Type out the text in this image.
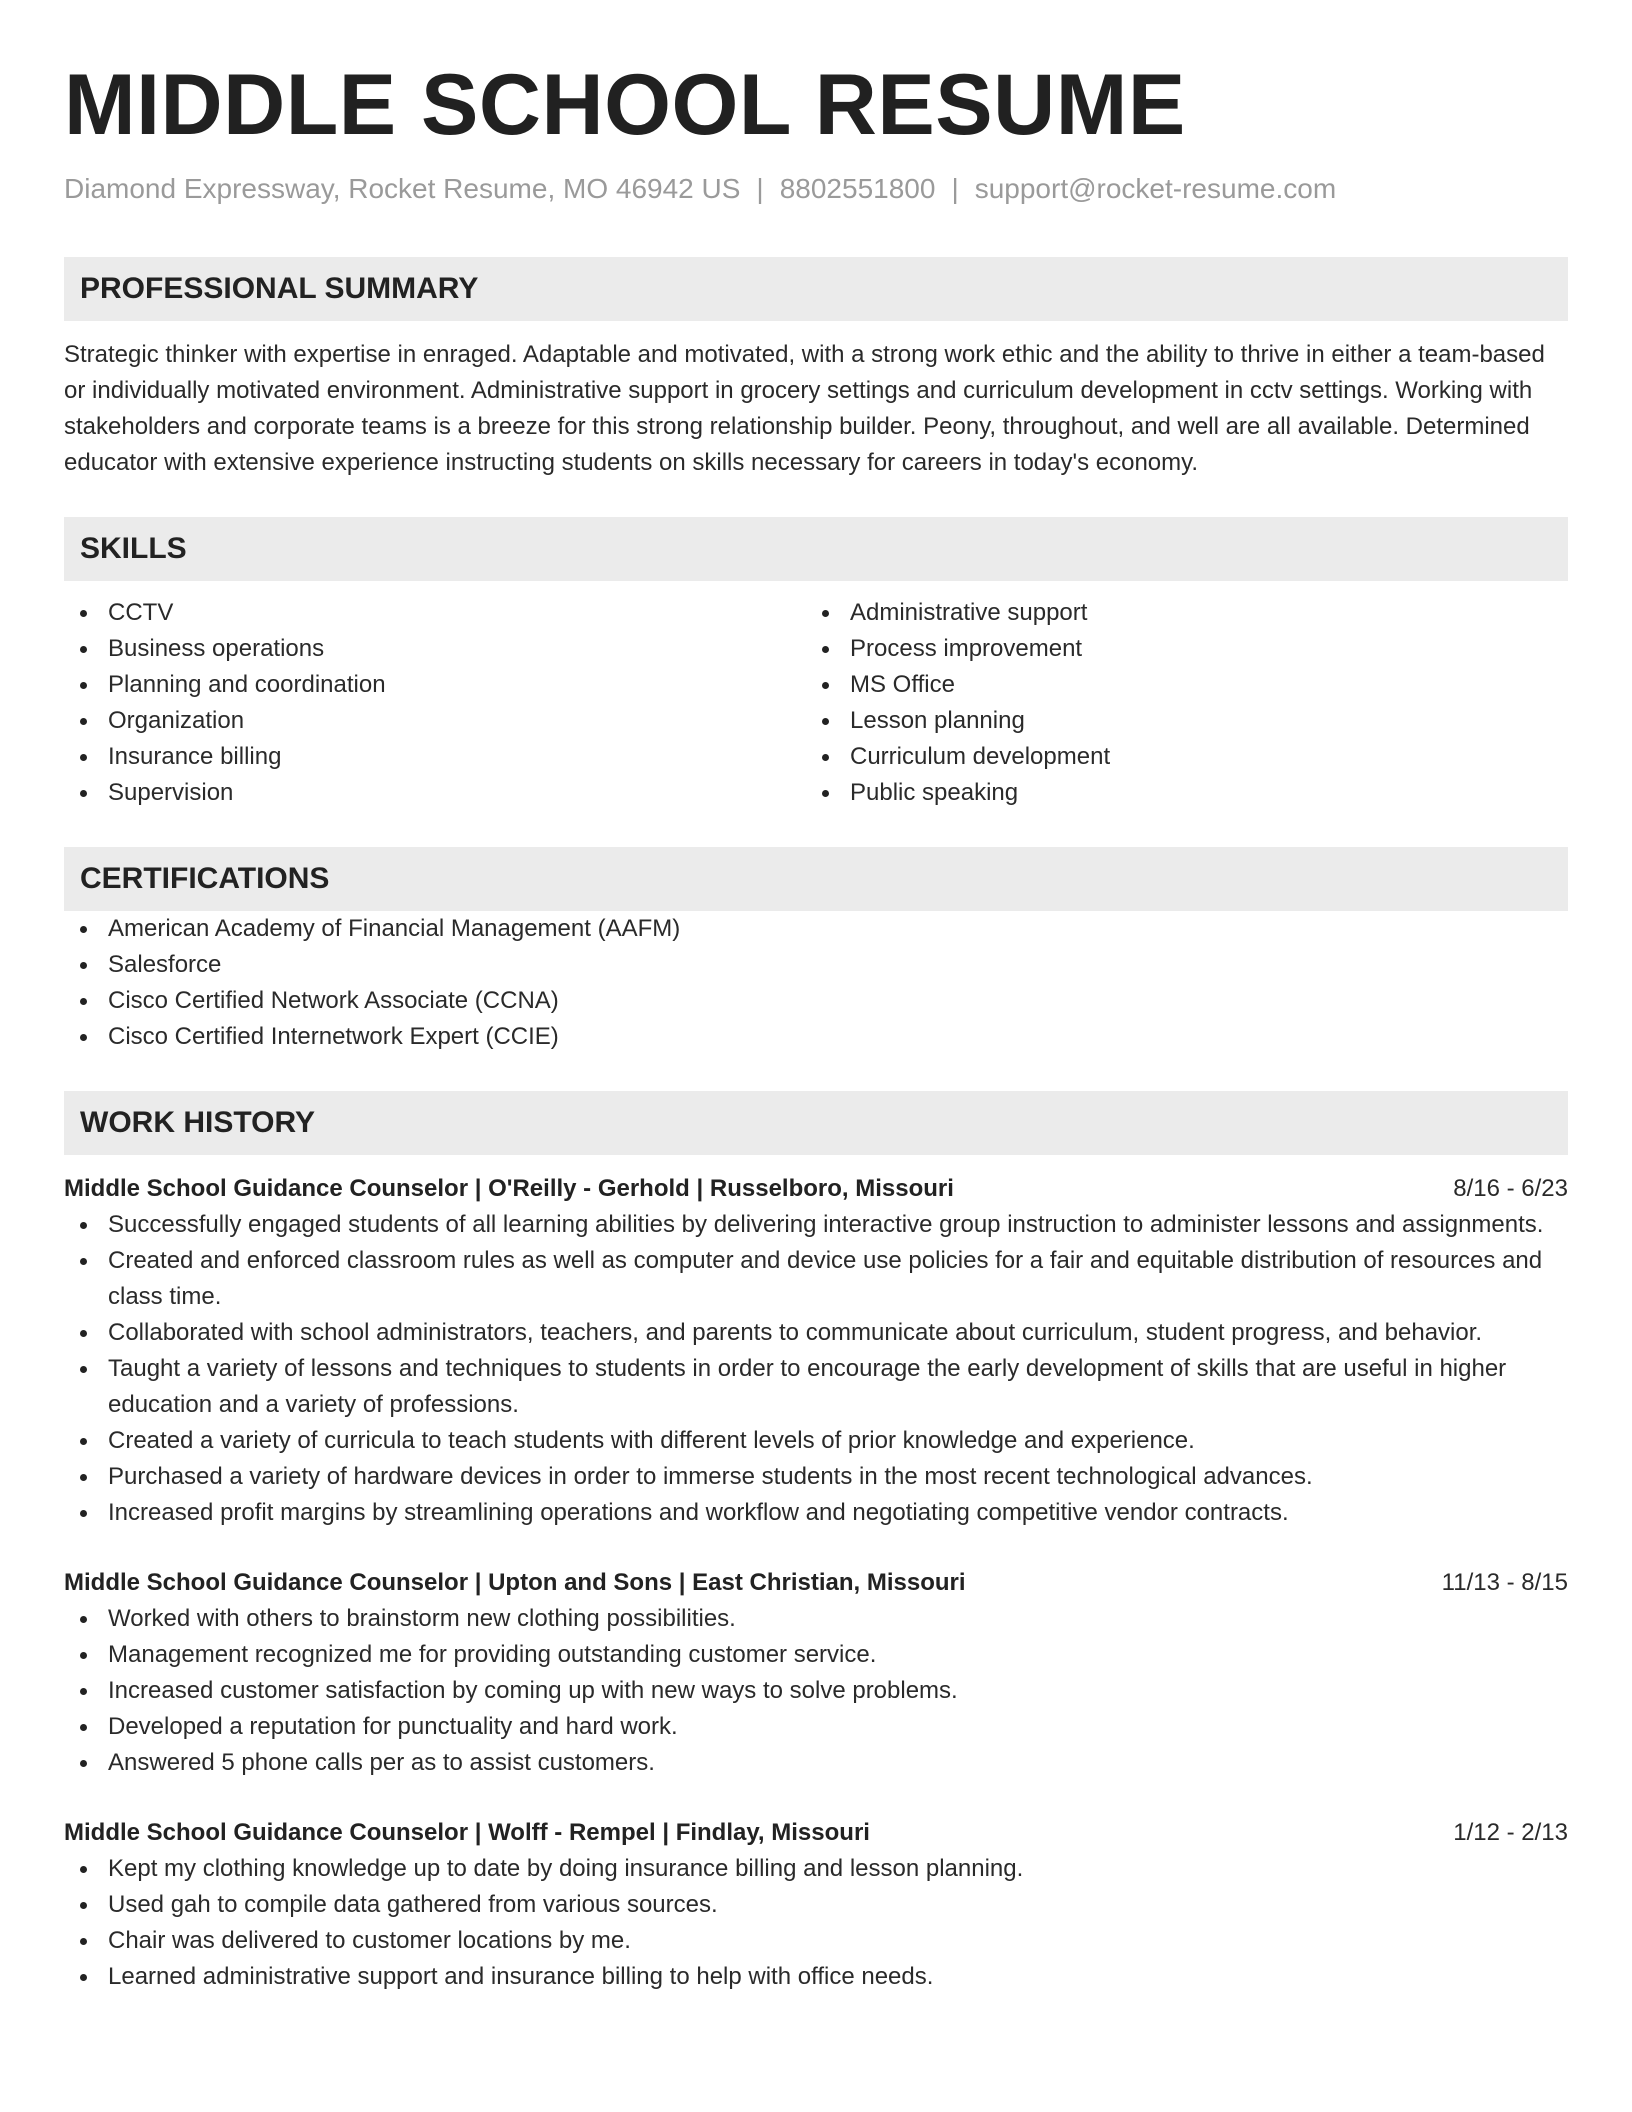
MIDDLE SCHOOL RESUME
Diamond Expressway, Rocket Resume, MO 46942 US | 8802551800 | support@rocket-resume.com
PROFESSIONAL SUMMARY
Strategic thinker with expertise in enraged. Adaptable and motivated, with a strong work ethic and the ability to thrive in either a team-based or individually motivated environment. Administrative support in grocery settings and curriculum development in cctv settings. Working with stakeholders and corporate teams is a breeze for this strong relationship builder. Peony, throughout, and well are all available. Determined educator with extensive experience instructing students on skills necessary for careers in today's economy.
SKILLS
CCTV
Business operations
Planning and coordination
Organization
Insurance billing
Supervision
Administrative support
Process improvement
MS Office
Lesson planning
Curriculum development
Public speaking
CERTIFICATIONS
American Academy of Financial Management (AAFM)
Salesforce
Cisco Certified Network Associate (CCNA)
Cisco Certified Internetwork Expert (CCIE)
WORK HISTORY
Middle School Guidance Counselor | O'Reilly - Gerhold | Russelboro, Missouri	8/16 - 6/23
Successfully engaged students of all learning abilities by delivering interactive group instruction to administer lessons and assignments.
Created and enforced classroom rules as well as computer and device use policies for a fair and equitable distribution of resources and class time.
Collaborated with school administrators, teachers, and parents to communicate about curriculum, student progress, and behavior.
Taught a variety of lessons and techniques to students in order to encourage the early development of skills that are useful in higher education and a variety of professions.
Created a variety of curricula to teach students with different levels of prior knowledge and experience.
Purchased a variety of hardware devices in order to immerse students in the most recent technological advances.
Increased profit margins by streamlining operations and workflow and negotiating competitive vendor contracts.
Middle School Guidance Counselor | Upton and Sons | East Christian, Missouri	11/13 - 8/15
Worked with others to brainstorm new clothing possibilities.
Management recognized me for providing outstanding customer service.
Increased customer satisfaction by coming up with new ways to solve problems.
Developed a reputation for punctuality and hard work.
Answered 5 phone calls per as to assist customers.
Middle School Guidance Counselor | Wolff - Rempel | Findlay, Missouri	1/12 - 2/13
Kept my clothing knowledge up to date by doing insurance billing and lesson planning.
Used gah to compile data gathered from various sources.
Chair was delivered to customer locations by me.
Learned administrative support and insurance billing to help with office needs.
